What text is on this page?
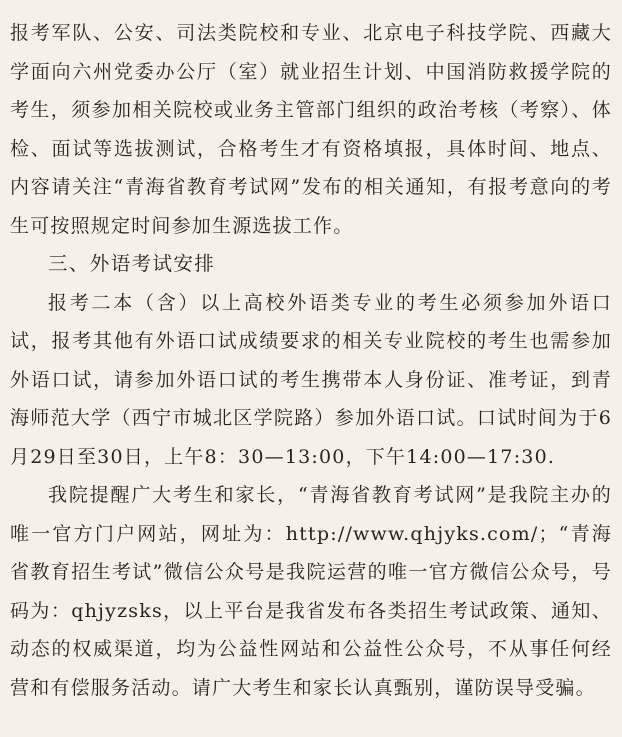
报考军队、公安、司法类院校和专业、北京电子科技学院、西藏大学面向六州党委办公厅（室）就业招生计划、中国消防救援学院的考生，须参加相关院校或业务主管部门组织的政治考核（考察）、体检、面试等选拔测试，合格考生才有资格填报，具体时间、地点、内容请关注“青海省教育考试网”发布的相关通知，有报考意向的考生可按照规定时间参加生源选拔工作。

三、外语考试安排

报考二本（含）以上高校外语类专业的考生必须参加外语口试，报考其他有外语口试成绩要求的相关专业院校的考生也需参加外语口试，请参加外语口试的考生携带本人身份证、准考证，到青海师范大学（西宁市城北区学院路）参加外语口试。口试时间为于6月29日至30日，上午8：30—13:00，下午14:00—17:30.

我院提醒广大考生和家长，“青海省教育考试网”是我院主办的唯一官方门户网站，网址为：http://www.qhjyks.com/；“青海省教育招生考试”微信公众号是我院运营的唯一官方微信公众号，号码为：qhjyzsks，以上平台是我省发布各类招生考试政策、通知、动态的权威渠道，均为公益性网站和公益性公众号，不从事任何经营和有偿服务活动。请广大考生和家长认真甄别，谨防误导受骗。
